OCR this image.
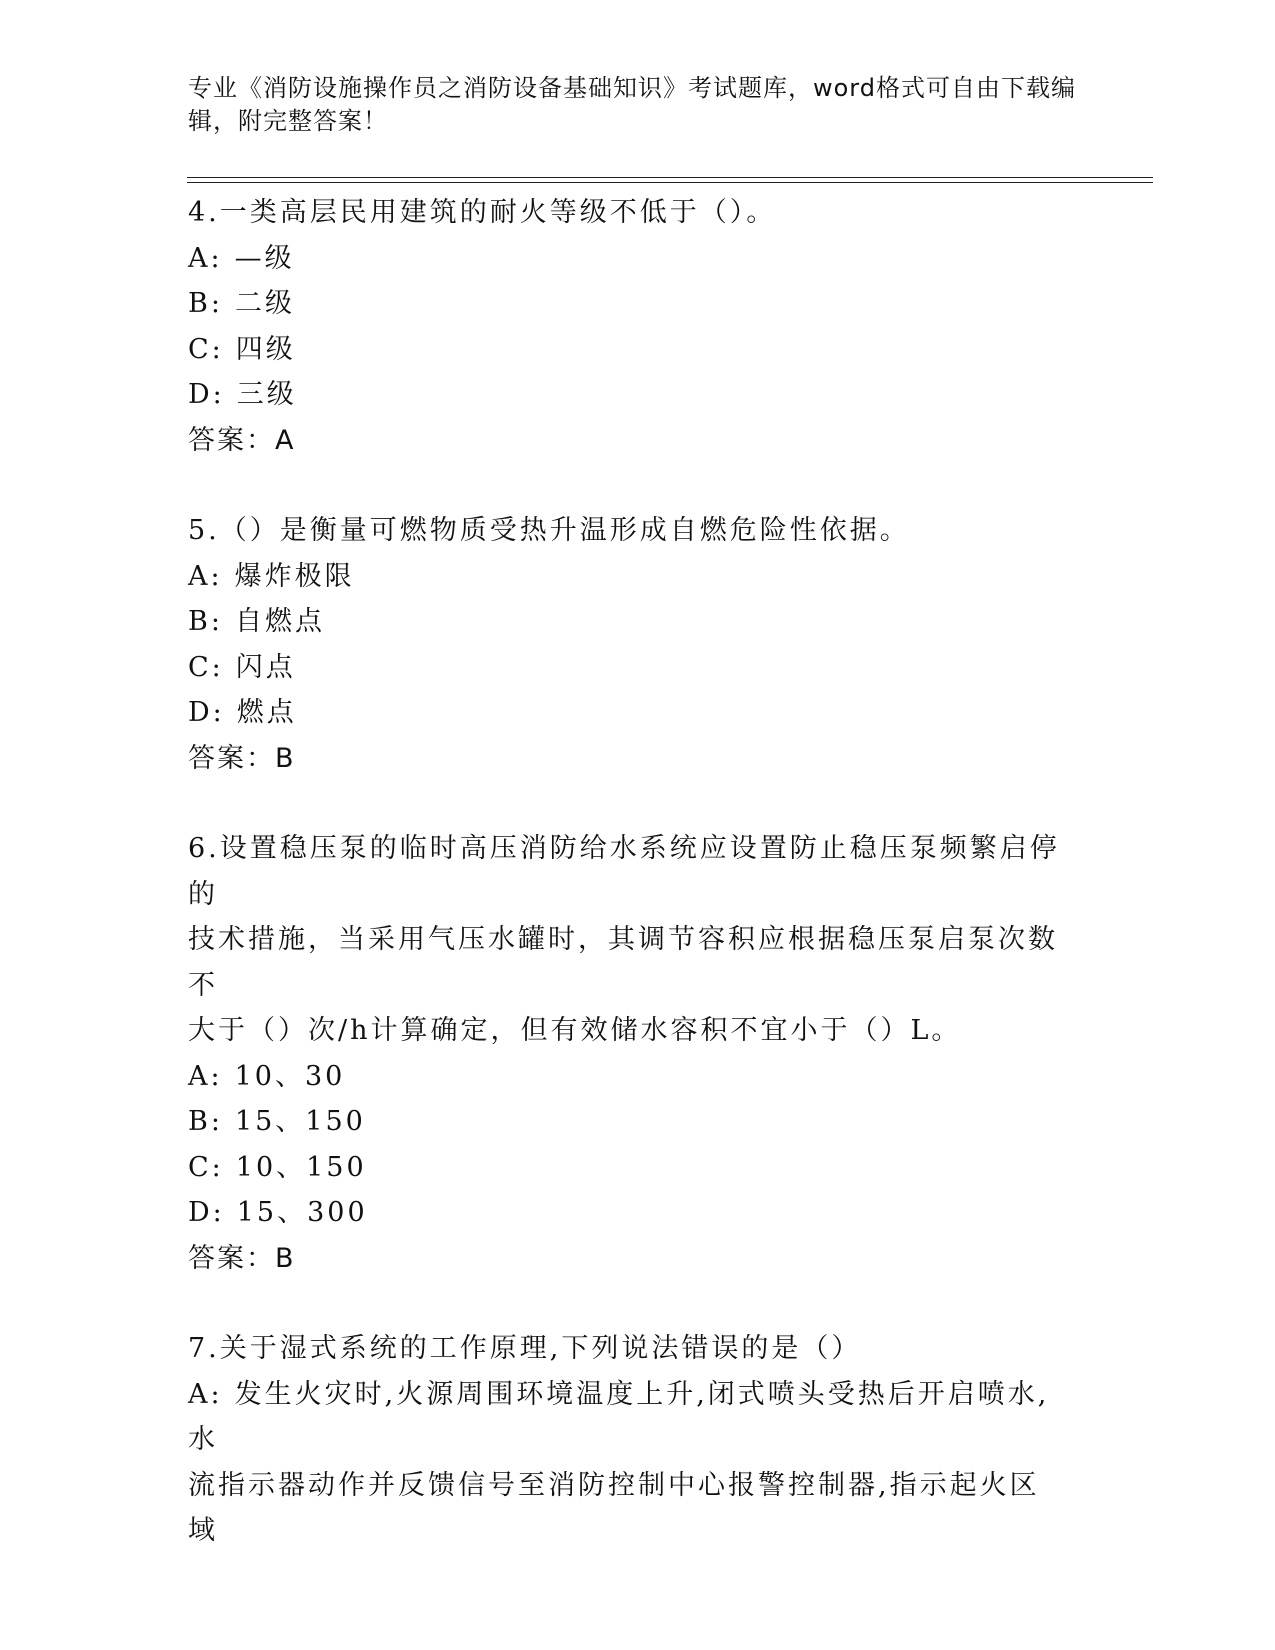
专业《消防设施操作员之消防设备基础知识》考试题库，word格式可自由下载编
辑，附完整答案！

4.一类高层民用建筑的耐火等级不低于（）。

A: —级

B: 二级

C: 四级

D: 三级

答案：A

5.（）是衡量可燃物质受热升温形成自燃危险性依据。

A: 爆炸极限

B: 自燃点

C: 闪点

D: 燃点

答案：B

6.设置稳压泵的临时高压消防给水系统应设置防止稳压泵频繁启停的

技术措施，当采用气压水罐时，其调节容积应根据稳压泵启泵次数不

大于（）次/h计算确定，但有效储水容积不宜小于（）L。

A: 10、30

B: 15、150

C: 10、150

D: 15、300

答案：B

7.关于湿式系统的工作原理,下列说法错误的是（）

A: 发生火灾时,火源周围环境温度上升,闭式喷头受热后开启喷水,水

流指示器动作并反馈信号至消防控制中心报警控制器,指示起火区域
